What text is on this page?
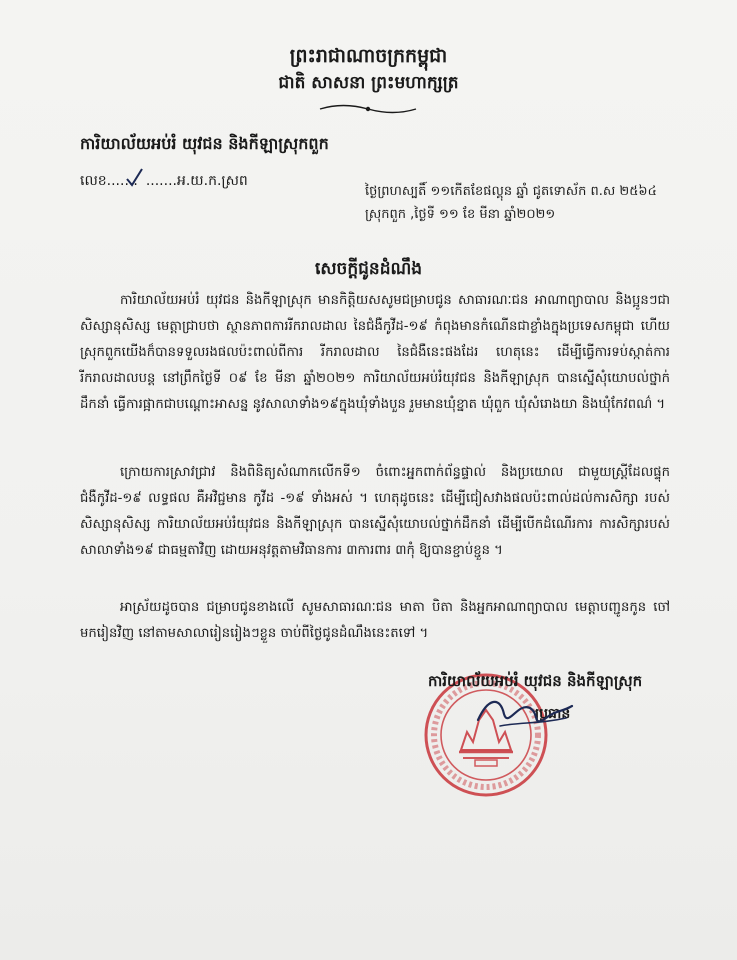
ព្រះរាជាណាចក្រកម្ពុជា
ជាតិ សាសនា ព្រះមហាក្សត្រ
ការិយាល័យអប់រំ យុវជន និងកីឡាស្រុកពួក
លេខ....... .......អ.យ.ក.ស្រព
ថ្ងៃព្រហស្បតិ៍ ១១កើតខែផល្គុន ឆ្នាំ ជូតទោស័ក ព.ស ២៥៦៤
ស្រុកពួក ,ថ្ងៃទី ១១ ខែ មីនា ឆ្នាំ២០២១
សេចក្ដីជូនដំណឹង
ការិយាល័យអប់រំ យុវជន និងកីឡាស្រុក មានកិត្តិយសសូមជម្រាបជូន សាធារណៈជន អាណាព្យាបាល និងប្អូនៗជាសិស្សានុសិស្ស មេត្តាជ្រាបថា ស្ថានភាពការរីករាលដាល នៃជំងឺកូវីដ-១៩ កំពុងមានកំណើនជាខ្លាំងក្នុងប្រទេសកម្ពុជា ហើយស្រុកពួកយើងក៏បានទទួលរងផលប៉ះពាល់ពីការ រីករាលដាល នៃជំងឺនេះផងដែរ ហេតុនេះ ដើម្បីធ្វើការទប់ស្កាត់ការរីករាលដាលបន្ត នៅព្រឹកថ្ងៃទី ០៩ ខែ មីនា ឆ្នាំ២០២១ ការិយាល័យអប់រំយុវជន និងកីឡាស្រុក បានស្នើសុំយោបល់ថ្នាក់ដឹកនាំ ធ្វើការផ្អាកជាបណ្ដោះអាសន្ន នូវសាលាទាំង១៩ក្នុងឃុំទាំងបួន រួមមានឃុំខ្នាត ឃុំពួក ឃុំសំរោងយា និងឃុំកែវពណ៌ ។
ក្រោយការស្រាវជ្រាវ និងពិនិត្យសំណាកលើកទី១ ចំពោះអ្នកពាក់ព័ន្ធផ្ទាល់ និងប្រយោល ជាមួយស្ត្រីដែលផ្ទុកជំងឺកូវីដ-១៩ លទ្ធផល គឺអវិជ្ជមាន កូវីដ -១៩ ទាំងអស់ ។ ហេតុដូចនេះ ដើម្បីជៀសវាងផលប៉ះពាល់ដល់ការសិក្សា របស់សិស្សានុសិស្ស ការិយាល័យអប់រំយុវជន និងកីឡាស្រុក បានស្នើសុំយោបល់ថ្នាក់ដឹកនាំ ដើម្បីបើកដំណើរការ ការសិក្សារបស់សាលាទាំង១៩ ជាធម្មតាវិញ ដោយអនុវត្តតាមវិធានការ ៣ការពារ ៣កុំ ឱ្យបានខ្ជាប់ខ្ជួន ។
អាស្រ័យដូចបាន ជម្រាបជូនខាងលើ សូមសាធារណៈជន មាតា បិតា និងអ្នកអាណាព្យាបាល មេត្តាបញ្ជូនកូន ចៅ មករៀនវិញ នៅតាមសាលារៀនរៀងៗខ្លួន ចាប់ពីថ្ងៃជូនដំណឹងនេះតទៅ ។
ការិយាល័យអប់រំ យុវជន និងកីឡាស្រុក
ប្រធាន
